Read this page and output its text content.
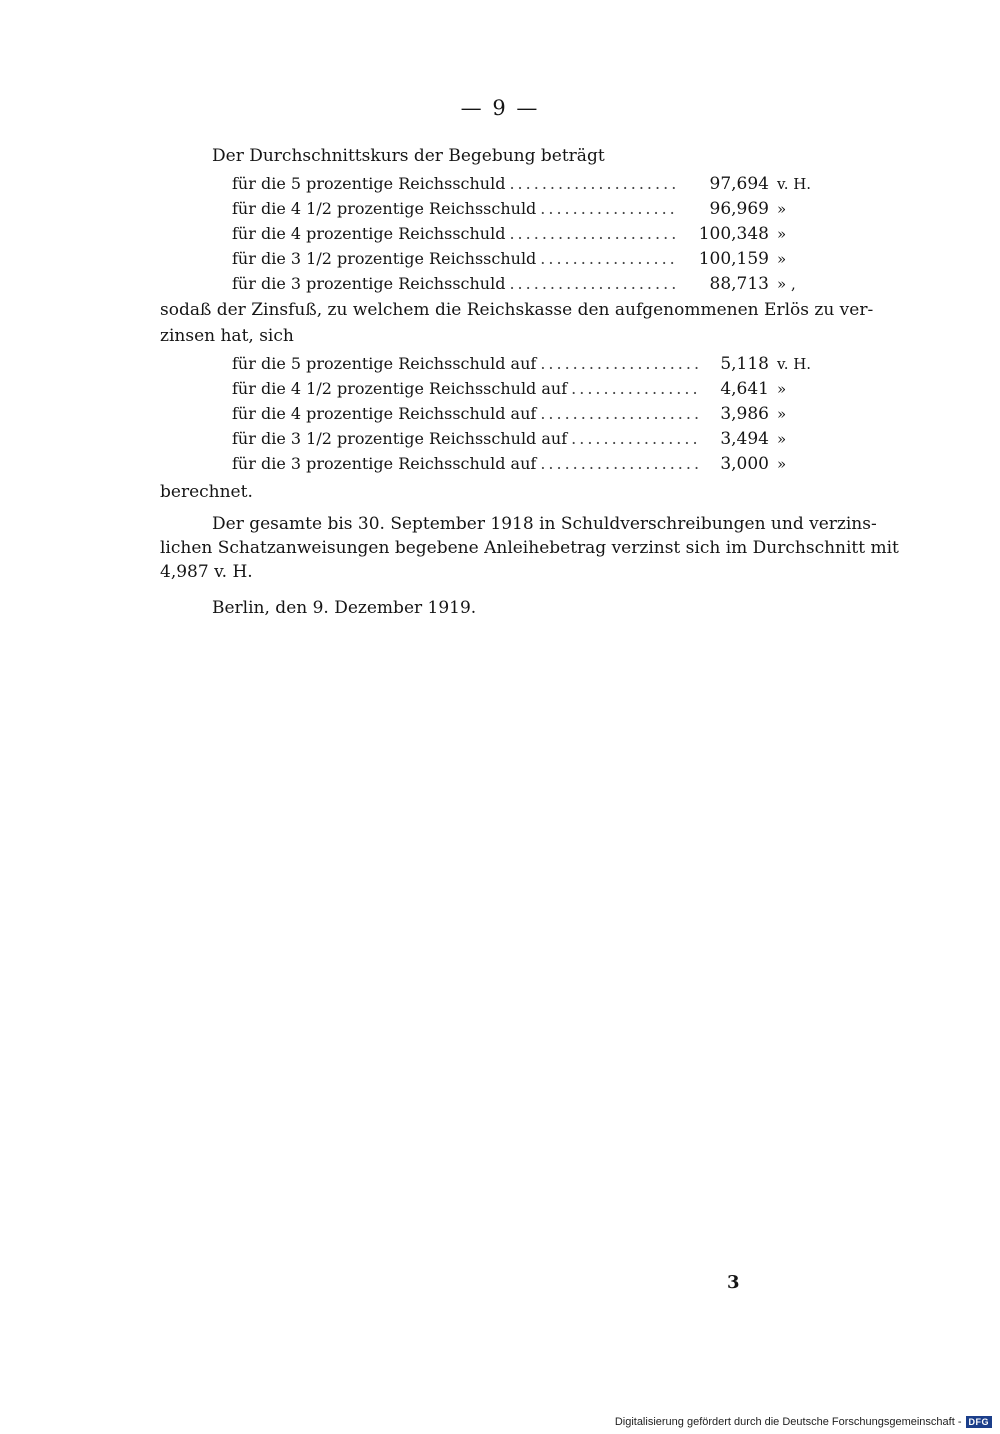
— 9 —
Der Durchschnittskurs der Begebung beträgt
für die 5 prozentige Reichsschuld .....	97,694 v. H.
für die 4 1/2 prozentige Reichsschuld .....	96,969 »
für die 4 prozentige Reichsschuld .....	100,348 »
für die 3 1/2 prozentige Reichsschuld .....	100,159 »
für die 3 prozentige Reichsschuld .....	88,713 » ,
sodaß der Zinsfuß, zu welchem die Reichskasse den aufgenommenen Erlös zu ver-
zinsen hat, sich
für die 5 prozentige Reichsschuld auf .....	5,118 v. H.
für die 4 1/2 prozentige Reichsschuld auf .....	4,641 »
für die 4 prozentige Reichsschuld auf .....	3,986 »
für die 3 1/2 prozentige Reichsschuld auf .....	3,494 »
für die 3 prozentige Reichsschuld auf .....	3,000 »
berechnet.
Der gesamte bis 30. September 1918 in Schuldverschreibungen und verzins-
lichen Schatzanweisungen begebene Anleihebetrag verzinst sich im Durchschnitt mit
4,987 v. H.
Berlin, den 9. Dezember 1919.
3
Digitalisierung gefördert durch die Deutsche Forschungsgemeinschaft - DFG
